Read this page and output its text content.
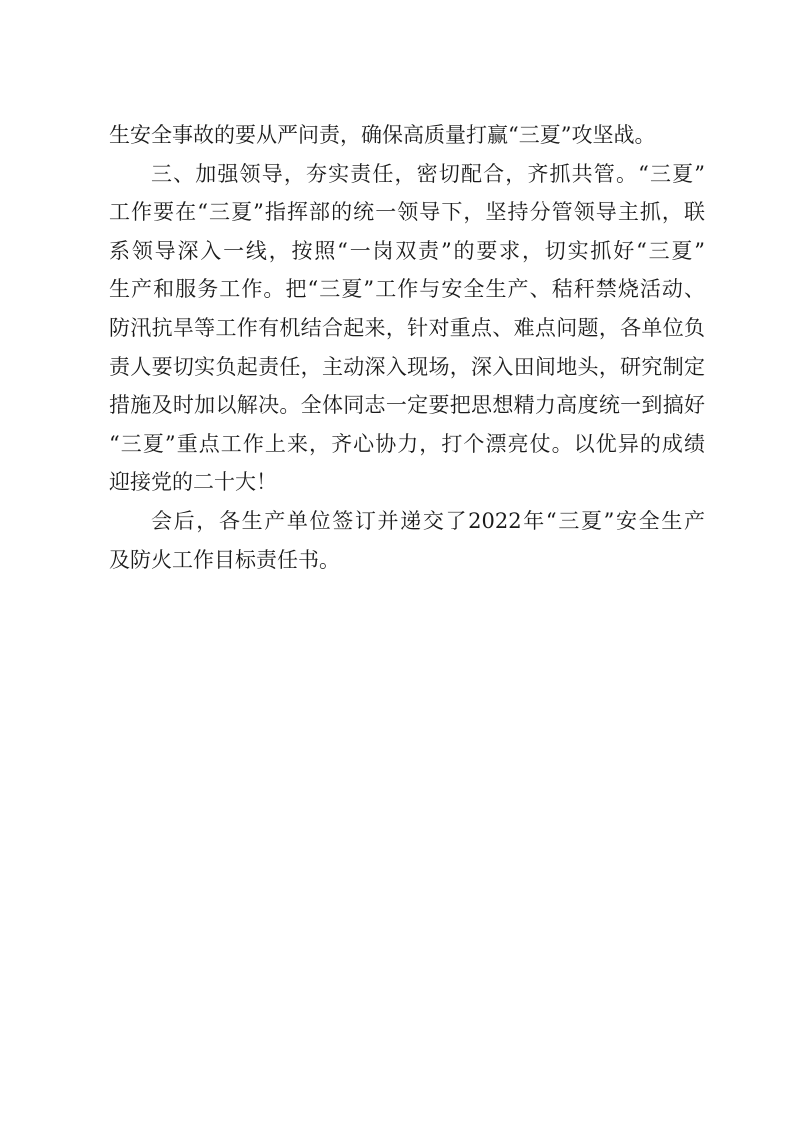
生安全事故的要从严问责，确保高质量打赢“三夏”攻坚战。
三、加强领导，夯实责任，密切配合，齐抓共管。“三夏”
工作要在“三夏”指挥部的统一领导下，坚持分管领导主抓，联
系领导深入一线，按照“一岗双责”的要求，切实抓好“三夏”
生产和服务工作。把“三夏”工作与安全生产、秸秆禁烧活动、
防汛抗旱等工作有机结合起来，针对重点、难点问题，各单位负
责人要切实负起责任，主动深入现场，深入田间地头，研究制定
措施及时加以解决。全体同志一定要把思想精力高度统一到搞好
“三夏”重点工作上来，齐心协力，打个漂亮仗。以优异的成绩
迎接党的二十大！
会后，各生产单位签订并递交了2022年“三夏”安全生产
及防火工作目标责任书。
